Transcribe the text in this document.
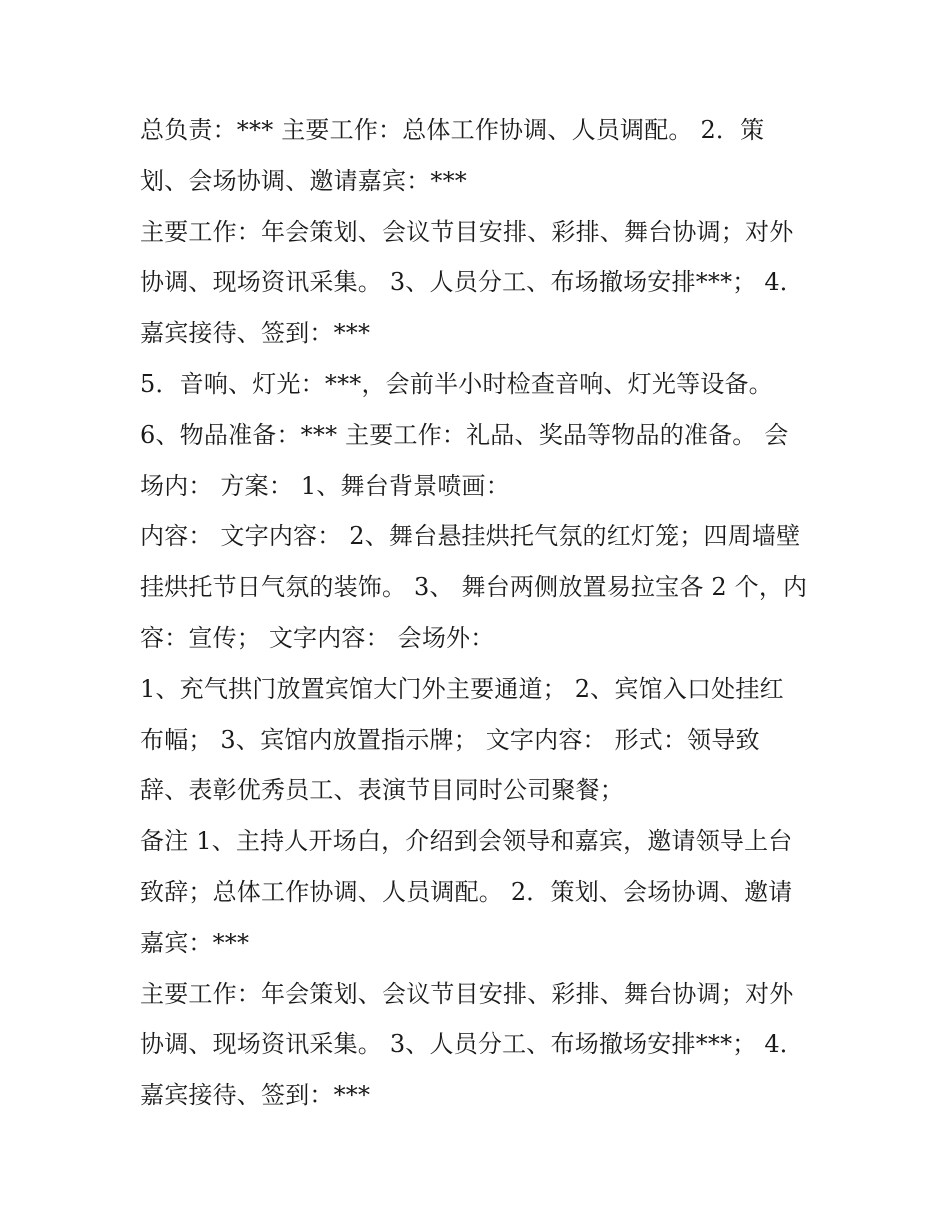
总负责：*** 主要工作：总体工作协调、人员调配。 2．策
划、会场协调、邀请嘉宾：***
主要工作：年会策划、会议节目安排、彩排、舞台协调；对外
协调、现场资讯采集。 3、人员分工、布场撤场安排***； 4．
嘉宾接待、签到：***
5．音响、灯光：***，会前半小时检查音响、灯光等设备。
6、物品准备：*** 主要工作：礼品、奖品等物品的准备。 会
场内： 方案： 1、舞台背景喷画：
内容： 文字内容： 2、舞台悬挂烘托气氛的红灯笼；四周墙壁
挂烘托节日气氛的装饰。 3、 舞台两侧放置易拉宝各 2 个，内
容：宣传； 文字内容： 会场外：
1、充气拱门放置宾馆大门外主要通道； 2、宾馆入口处挂红
布幅； 3、宾馆内放置指示牌； 文字内容： 形式：领导致
辞、表彰优秀员工、表演节目同时公司聚餐；
备注 1、主持人开场白，介绍到会领导和嘉宾，邀请领导上台
致辞；总体工作协调、人员调配。 2．策划、会场协调、邀请
嘉宾：***
主要工作：年会策划、会议节目安排、彩排、舞台协调；对外
协调、现场资讯采集。 3、人员分工、布场撤场安排***； 4．
嘉宾接待、签到：***
